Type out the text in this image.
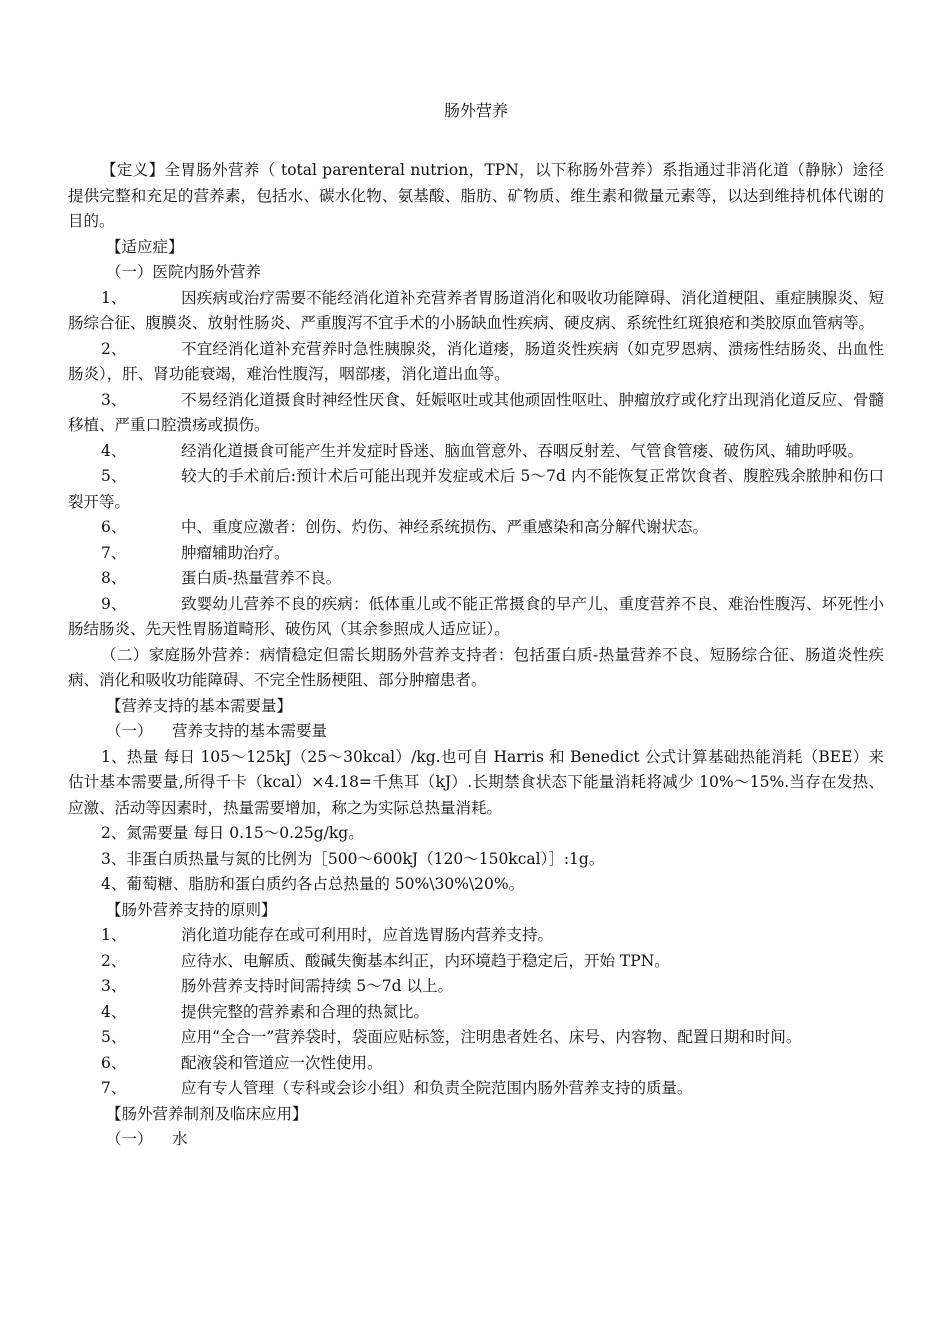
肠外营养

【定义】全胃肠外营养（ total parenteral nutrion，TPN，以下称肠外营养）系指通过非消化道（静脉）途径提供完整和充足的营养素，包括水、碳水化物、氨基酸、脂肪、矿物质、维生素和微量元素等，以达到维持机体代谢的目的。

【适应症】

（一）医院内肠外营养

1、	因疾病或治疗需要不能经消化道补充营养者胃肠道消化和吸收功能障碍、消化道梗阻、重症胰腺炎、短肠综合征、腹膜炎、放射性肠炎、严重腹泻不宜手术的小肠缺血性疾病、硬皮病、系统性红斑狼疮和类胶原血管病等。

2、	不宜经消化道补充营养时急性胰腺炎，消化道瘘，肠道炎性疾病（如克罗恩病、溃疡性结肠炎、出血性肠炎），肝、肾功能衰竭，难治性腹泻，咽部瘘，消化道出血等。

3、	不易经消化道摄食时神经性厌食、妊娠呕吐或其他顽固性呕吐、肿瘤放疗或化疗出现消化道反应、骨髓移植、严重口腔溃疡或损伤。

4、	经消化道摄食可能产生并发症时昏迷、脑血管意外、吞咽反射差、气管食管瘘、破伤风、辅助呼吸。

5、	较大的手术前后:预计术后可能出现并发症或术后 5～7d 内不能恢复正常饮食者、腹腔残余脓肿和伤口裂开等。

6、	中、重度应激者：创伤、灼伤、神经系统损伤、严重感染和高分解代谢状态。

7、	肿瘤辅助治疗。

8、	蛋白质-热量营养不良。

9、	致婴幼儿营养不良的疾病：低体重儿或不能正常摄食的早产儿、重度营养不良、难治性腹泻、坏死性小肠结肠炎、先天性胃肠道畸形、破伤风（其余参照成人适应证）。

（二）家庭肠外营养：病情稳定但需长期肠外营养支持者：包括蛋白质-热量营养不良、短肠综合征、肠道炎性疾病、消化和吸收功能障碍、不完全性肠梗阻、部分肿瘤患者。

【营养支持的基本需要量】

（一） 营养支持的基本需要量

1、热量 每日 105～125kJ（25～30kcal）/kg.也可自 Harris 和 Benedict 公式计算基础热能消耗（BEE）来估计基本需要量,所得千卡（kcal）×4.18=千焦耳（kJ）.长期禁食状态下能量消耗将减少 10%～15%.当存在发热、应激、活动等因素时，热量需要增加，称之为实际总热量消耗。

2、氮需要量 每日 0.15～0.25g/kg。

3、非蛋白质热量与氮的比例为［500～600kJ（120～150kcal）］:1g。

4、葡萄糖、脂肪和蛋白质约各占总热量的 50%\30%\20%。

【肠外营养支持的原则】

1、	消化道功能存在或可利用时，应首选胃肠内营养支持。

2、	应待水、电解质、酸碱失衡基本纠正，内环境趋于稳定后，开始 TPN。

3、	肠外营养支持时间需持续 5～7d 以上。

4、	提供完整的营养素和合理的热氮比。

5、	应用“全合一”营养袋时，袋面应贴标签，注明患者姓名、床号、内容物、配置日期和时间。

6、	配液袋和管道应一次性使用。

7、	应有专人管理（专科或会诊小组）和负责全院范围内肠外营养支持的质量。

【肠外营养制剂及临床应用】

（一） 水
